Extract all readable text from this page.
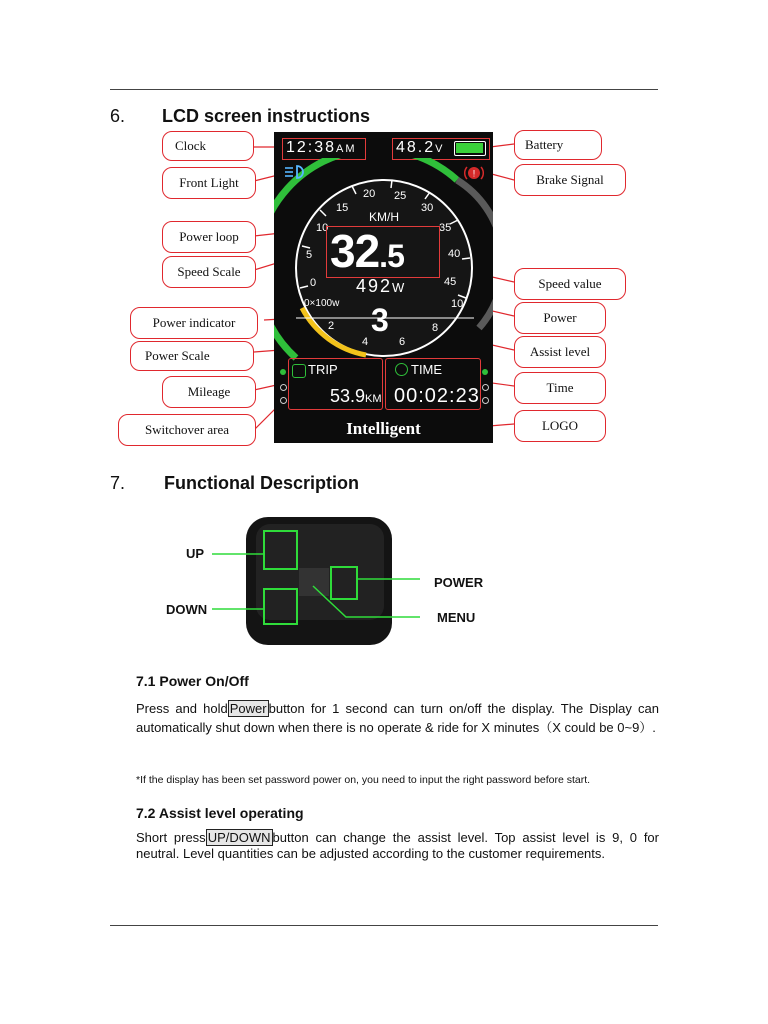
6. LCD screen instructions
12:38AM 48.2V
0
5
10
15
20 25
30
35
40
45
KM/H
32.5
492W
0×100w
2
4	6
8
10
3
!
TRIP
53.9KM
TIME
00:02:23
Intelligent
Clock
Front Light
Power loop
Speed Scale
Power indicator
Power Scale
Mileage
Switchover area
Battery
Brake Signal
Speed value
Power
Assist level
Time
LOGO
7. Functional Description
UP
DOWN
POWER
MENU
7.1 Power On/Off
Press and hold Power button for 1 second can turn on/off the display. The Display can automatically shut down when there is no operate & ride for X minutes（X could be 0~9）.
*If the display has been set password power on, you need to input the right password before start.
7.2 Assist level operating
Short press UP/DOWN button can change the assist level. Top assist level is 9, 0 for neutral. Level quantities can be adjusted according to the customer requirements.
